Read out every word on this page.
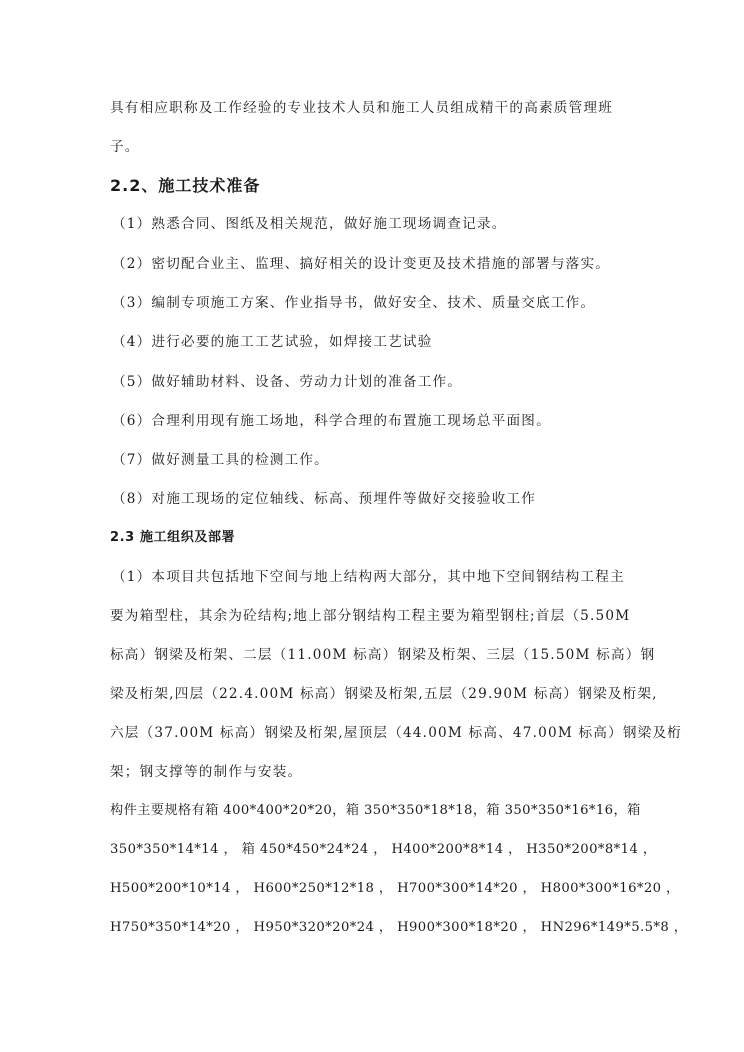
具有相应职称及工作经验的专业技术人员和施工人员组成精干的高素质管理班
子。
2.2、施工技术准备
（1）熟悉合同、图纸及相关规范，做好施工现场调查记录。
（2）密切配合业主、监理、搞好相关的设计变更及技术措施的部署与落实。
（3）编制专项施工方案、作业指导书，做好安全、技术、质量交底工作。
（4）进行必要的施工工艺试验，如焊接工艺试验
（5）做好辅助材料、设备、劳动力计划的准备工作。
（6）合理利用现有施工场地，科学合理的布置施工现场总平面图。
（7）做好测量工具的检测工作。
（8）对施工现场的定位轴线、标高、预埋件等做好交接验收工作
2.3 施工组织及部署
（1）本项目共包括地下空间与地上结构两大部分，其中地下空间钢结构工程主
要为箱型柱，其余为砼结构;地上部分钢结构工程主要为箱型钢柱;首层（5.50M
标高）钢梁及桁架、二层（11.00M 标高）钢梁及桁架、三层（15.50M 标高）钢
梁及桁架,四层（22.4.00M 标高）钢梁及桁架,五层（29.90M 标高）钢梁及桁架,
六层（37.00M 标高）钢梁及桁架,屋顶层（44.00M 标高、47.00M 标高）钢梁及桁
架；钢支撑等的制作与安装。
构件主要规格有箱 400*400*20*20，箱 350*350*18*18，箱 350*350*16*16，箱
350*350*14*14 ， 箱 450*450*24*24 ， H400*200*8*14 ， H350*200*8*14 ，
H500*200*10*14 ， H600*250*12*18 ， H700*300*14*20 ， H800*300*16*20 ，
H750*350*14*20 ， H950*320*20*24 ， H900*300*18*20 ， HN296*149*5.5*8 ，
